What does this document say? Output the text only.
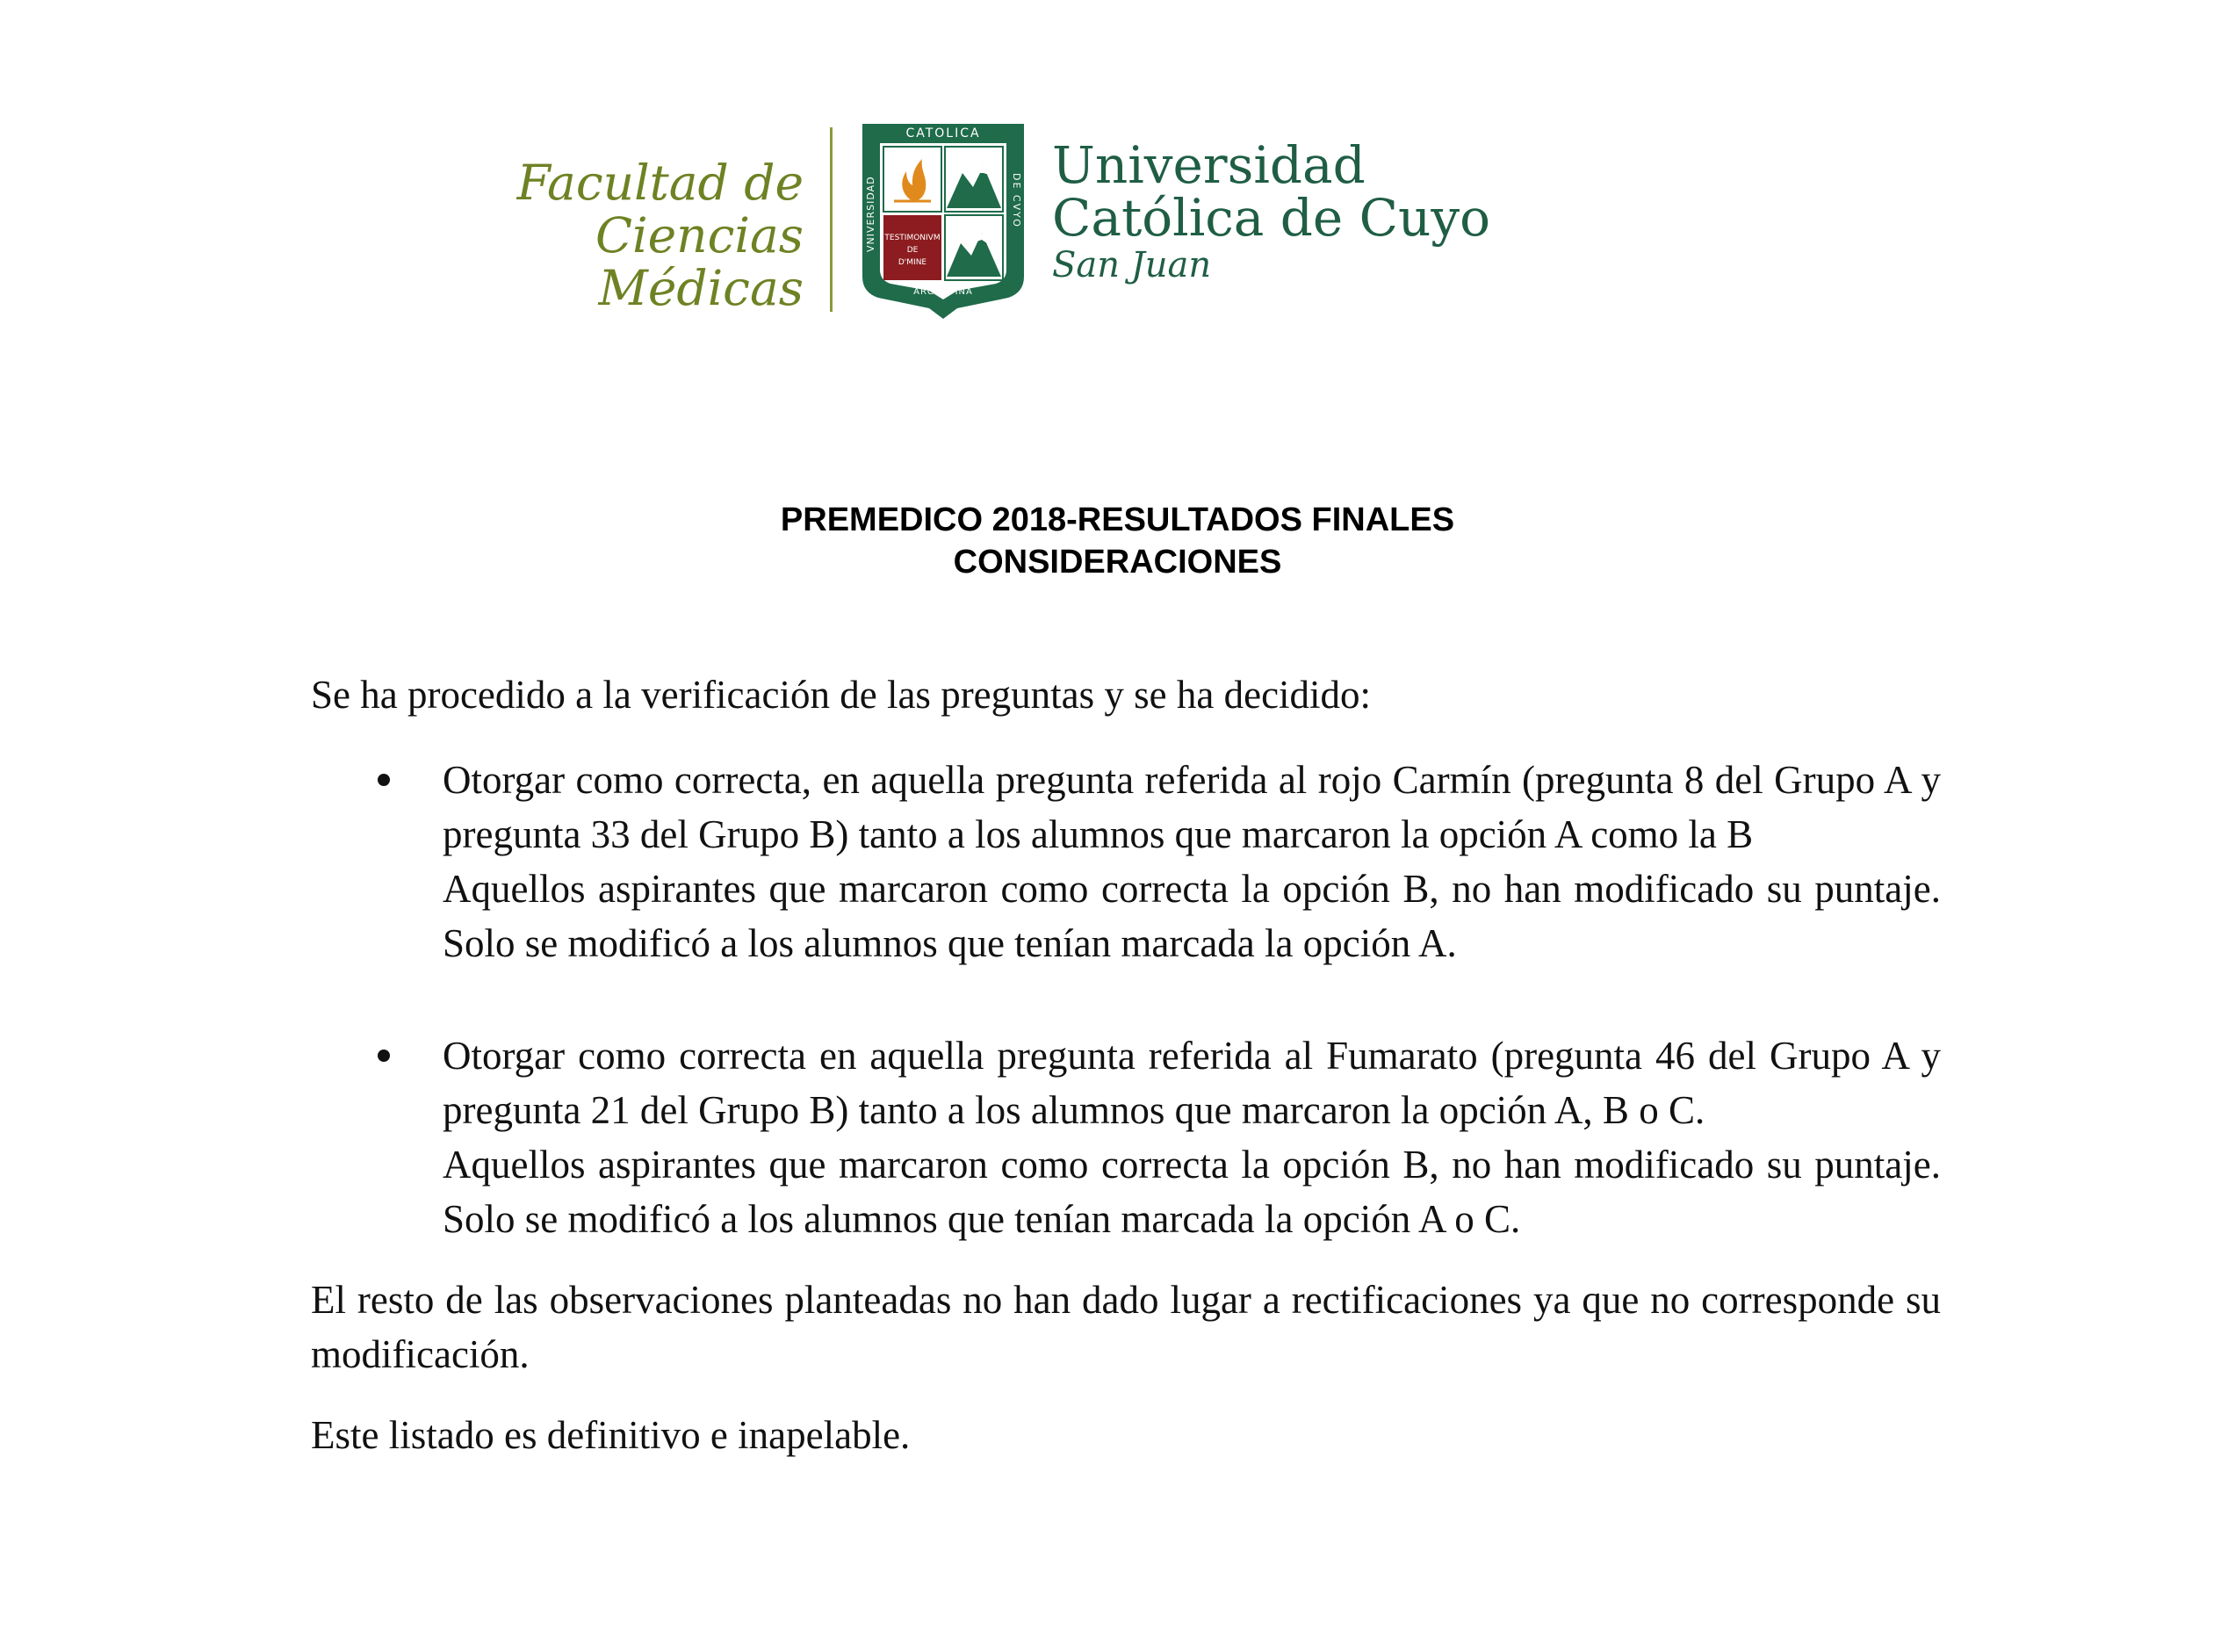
Facultad de Ciencias
Médicas
TESTIMONIVM
DE
D'MINE
CATOLICA
ARGENTINA
VNIVERSIDAD	DE CVYO
Universidad
Católica de Cuyo
San Juan
PREMEDICO 2018-RESULTADOS FINALES
CONSIDERACIONES

Se ha procedido a la verificación de las preguntas y se ha decidido:

Otorgar como correcta, en aquella pregunta referida al rojo Carmín (pregunta 8 del Grupo A y pregunta 33 del Grupo B) tanto a los alumnos que marcaron la opción A como la B

Aquellos aspirantes que marcaron como correcta la opción B, no han modificado su puntaje. Solo se modificó a los alumnos que tenían marcada la opción A.

Otorgar como correcta en aquella pregunta referida al Fumarato (pregunta 46 del Grupo A y pregunta 21 del Grupo B) tanto a los alumnos que marcaron la opción A, B o C.

Aquellos aspirantes que marcaron como correcta la opción B, no han modificado su puntaje. Solo se modificó a los alumnos que tenían marcada la opción A o C.

El resto de las observaciones planteadas no han dado lugar a rectificaciones ya que no corresponde su modificación.

Este listado es definitivo e inapelable.
